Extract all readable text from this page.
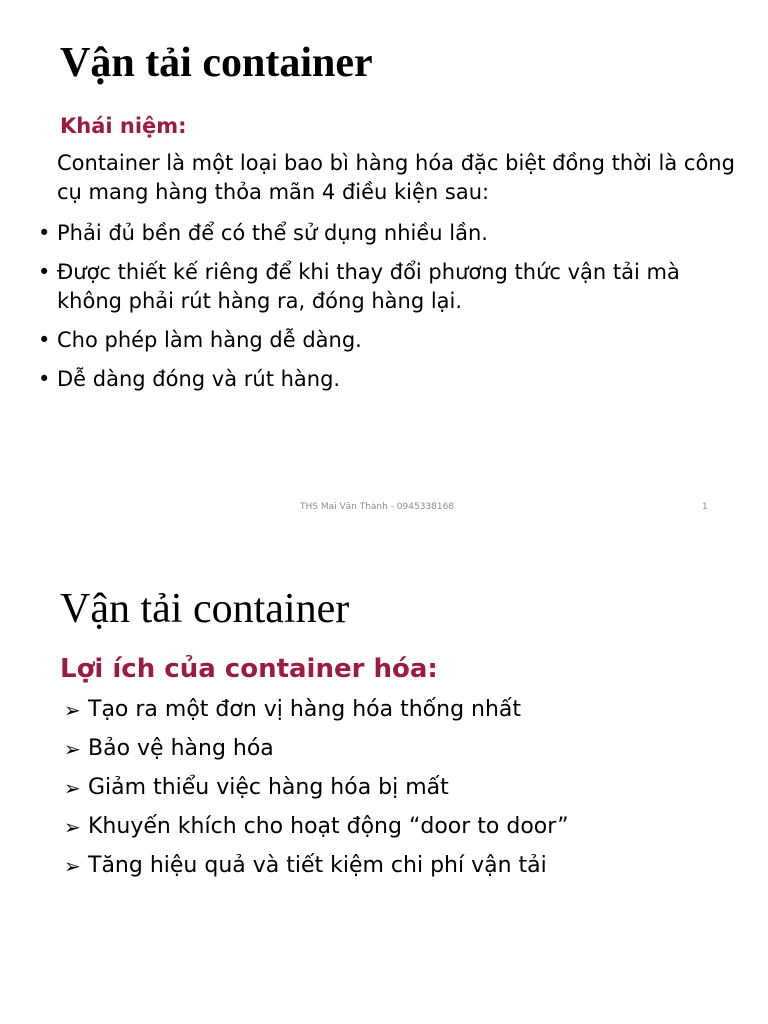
Vận tải container
Khái niệm:
Container là một loại bao bì hàng hóa đặc biệt đồng thời là công cụ mang hàng thỏa mãn 4 điều kiện sau:
• Phải đủ bền để có thể sử dụng nhiều lần.
• Được thiết kế riêng để khi thay đổi phương thức vận tải mà không phải rút hàng ra, đóng hàng lại.
• Cho phép làm hàng dễ dàng.
• Dễ dàng đóng và rút hàng.
THS Mai Văn Thành - 0945338168	1
Vận tải container
Lợi ích của container hóa:
➢ Tạo ra một đơn vị hàng hóa thống nhất
➢ Bảo vệ hàng hóa
➢ Giảm thiểu việc hàng hóa bị mất
➢ Khuyến khích cho hoạt động “door to door”
➢ Tăng hiệu quả và tiết kiệm chi phí vận tải
